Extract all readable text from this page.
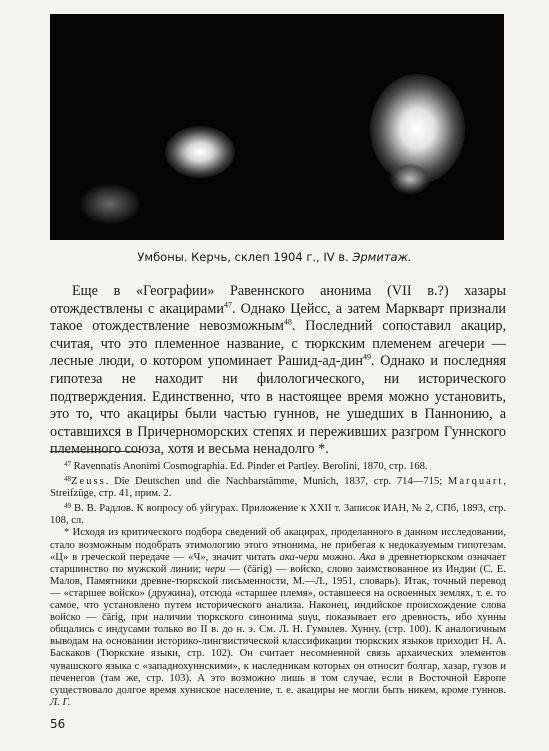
Умбоны. Керчь, склеп 1904 г., IV в. Эрмитаж.

Еще в «Географии» Равеннского анонима (VII в.?) хазары отождествлены с акацирами$^{47}$. Однако Цейсс, а затем Маркварт признали такое отождествление невозможным$^{48}$. Последний сопоставил акацир, считая, что это племенное название, с тюркским племенем агечери — лесные люди, о котором упоминает Рашид-ад-дин$^{49}$. Однако и последняя гипотеза не находит ни филологического, ни исторического подтверждения. Единственно, что в настоящее время можно установить, это то, что акациры были частью гуннов, не ушедших в Паннонию, а оставшихся в Причерноморских степях и переживших разгром Гуннского племенного союза, хотя и весьма ненадолго *.

$^{47}$ Ravennatis Anonimi Cosmographia. Ed. Pinder et Partley. Berolini, 1870, стр. 168.

$^{48}$Zeuss. Die Deutschen und die Nachbarstämme, Munich, 1837, стр. 714—715; Marquart, Streifzüge, стр. 41, прим. 2.

$^{49}$ В. В. Радлов. К вопросу об уйгурах. Приложение к XXII т. Записок ИАН, № 2, СПб, 1893, стр. 108, сл.

* Исходя из критического подбора сведений об акацирах, проделанного в данном исследовании, стало возможным подобрать этимологию этого этнонима, не прибегая к недоказуемым гипотезам. «Ц» в греческой передаче — «Ч», значит читать ака-чери можно. Ака в древнетюркском означает старшинство по мужской линии; чери — (čärig) — войско, слово заимствованное из Индии (С. Е. Малов, Памятники древне-тюркской письменности, М.—Л., 1951, словарь). Итак, точный перевод — «старшее войско» (дружина), отсюда «старшее племя», оставшееся на освоенных землях, т. е. то самое, что установлено путем исторического анализа. Наконец, индийское происхождение слова войско — čärig, при наличии тюркского синонима suγu, показывает его древность, ибо хунны общались с индусами только во II в. до н. э. См. Л. Н. Гумилев. Хунну. (стр. 100). К аналогичным выводам на основании историко-лингвистической классификации тюркских языков приходит Н. А. Баскаков (Тюркские языки, стр. 102). Он считает несомненной связь архаических элементов чувашского языка с «западнохуннскими», к наследникам которых он относит болгар, хазар, гузов и печенегов (там же, стр. 103). А это возможно лишь в том случае, если в Восточной Европе существовало долгое время хуннское население, т. е. акациры не могли быть никем, кроме гуннов. Л. Г.

56
